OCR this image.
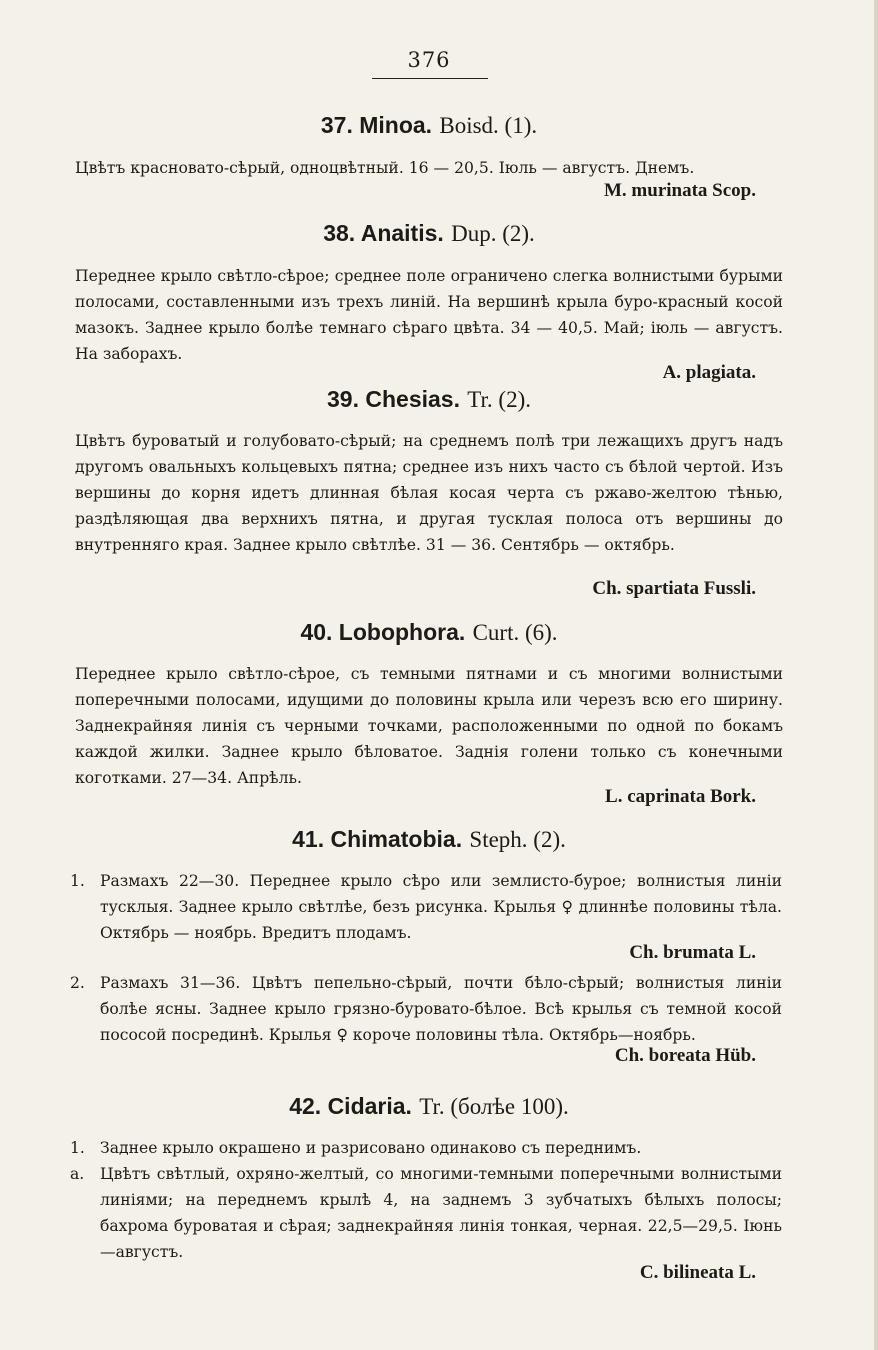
376
37. Minoa. Boisd. (1).

Цвѣтъ красновато-сѣрый, одноцвѣтный. 16 — 20,5. Іюль — августъ. Днемъ.

M. murinata Scop.
38. Anaitis. Dup. (2).

Переднее крыло свѣтло-сѣрое; среднее поле ограничено слегка волнистыми бурыми полосами, составленными изъ трехъ линій. На вершинѣ крыла буро-красный косой мазокъ. Заднее крыло болѣе темнаго сѣраго цвѣта. 34 — 40,5. Май; іюль — августъ. На заборахъ.

A. plagiata.
39. Chesias. Tr. (2).

Цвѣтъ буроватый и голубовато-сѣрый; на среднемъ полѣ три лежащихъ другъ надъ другомъ овальныхъ кольцевыхъ пятна; среднее изъ нихъ часто съ бѣлой чертой. Изъ вершины до корня идетъ длинная бѣлая косая черта съ ржаво-желтою тѣнью, раздѣляющая два верхнихъ пятна, и другая тусклая полоса отъ вершины до внутренняго края. Заднее крыло свѣтлѣе. 31 — 36. Сентябрь — октябрь.

Ch. spartiata Fussli.
40. Lobophora. Curt. (6).

Переднее крыло свѣтло-сѣрое, съ темными пятнами и съ многими волнистыми поперечными полосами, идущими до половины крыла или черезъ всю его ширину. Заднекрайняя линія съ черными точками, расположенными по одной по бокамъ каждой жилки. Заднее крыло бѣловатое. Заднія голени только съ конечными коготками. 27—34. Апрѣль.

L. caprinata Bork.
41. Chimatobia. Steph. (2).

1. Размахъ 22—30. Переднее крыло сѣро или землисто-бурое; волнистыя линіи тусклыя. Заднее крыло свѣтлѣе, безъ рисунка. Крылья ♀ длиннѣе половины тѣла. Октябрь — ноябрь. Вредитъ плодамъ.

Ch. brumata L.

2. Размахъ 31—36. Цвѣтъ пепельно-сѣрый, почти бѣло-сѣрый; волнистыя линіи болѣе ясны. Заднее крыло грязно-буровато-бѣлое. Всѣ крылья съ темной косой пососой посрединѣ. Крылья ♀ короче половины тѣла. Октябрь—ноябрь.

Ch. boreata Hüb.
42. Cidaria. Tr. (болѣе 100).

1. Заднее крыло окрашено и разрисовано одинаково съ переднимъ.

a. Цвѣтъ свѣтлый, охряно-желтый, со многими-темными поперечными волнистыми линіями; на переднемъ крылѣ 4, на заднемъ 3 зубчатыхъ бѣлыхъ полосы; бахрома буроватая и сѣрая; заднекрайняя линія тонкая, черная. 22,5—29,5. Іюнь—августъ.

C. bilineata L.
